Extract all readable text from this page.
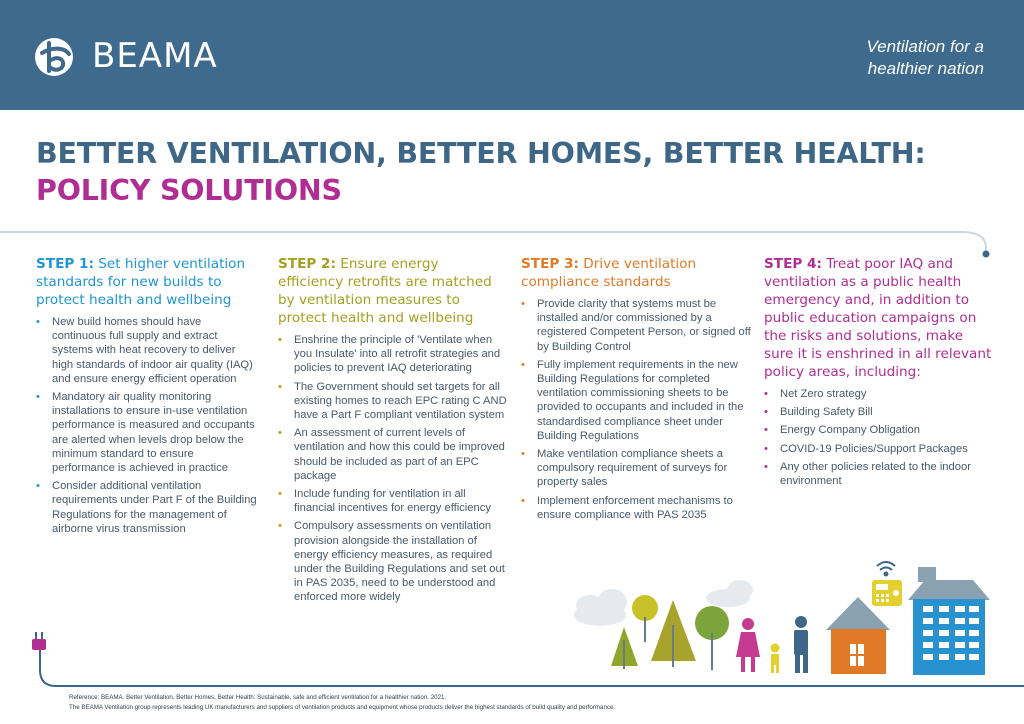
BEAMA	Ventilation for a
healthier nation
BETTER VENTILATION, BETTER HOMES, BETTER HEALTH:
POLICY SOLUTIONS
STEP 1: Set higher ventilation standards for new builds to protect health and wellbeing
• New build homes should have continuous full supply and extract systems with heat recovery to deliver high standards of indoor air quality (IAQ) and ensure energy efficient operation
• Mandatory air quality monitoring installations to ensure in-use ventilation performance is measured and occupants are alerted when levels drop below the minimum standard to ensure performance is achieved in practice
• Consider additional ventilation requirements under Part F of the Building Regulations for the management of airborne virus transmission
STEP 2: Ensure energy efficiency retrofits are matched by ventilation measures to protect health and wellbeing
• Enshrine the principle of 'Ventilate when you Insulate' into all retrofit strategies and policies to prevent IAQ deteriorating
• The Government should set targets for all existing homes to reach EPC rating C AND have a Part F compliant ventilation system
• An assessment of current levels of ventilation and how this could be improved should be included as part of an EPC package
• Include funding for ventilation in all financial incentives for energy efficiency
• Compulsory assessments on ventilation provision alongside the installation of energy efficiency measures, as required under the Building Regulations and set out in PAS 2035, need to be understood and enforced more widely
STEP 3: Drive ventilation compliance standards
• Provide clarity that systems must be installed and/or commissioned by a registered Competent Person, or signed off by Building Control
• Fully implement requirements in the new Building Regulations for completed ventilation commissioning sheets to be provided to occupants and included in the standardised compliance sheet under Building Regulations
• Make ventilation compliance sheets a compulsory requirement of surveys for property sales
• Implement enforcement mechanisms to ensure compliance with PAS 2035
STEP 4: Treat poor IAQ and ventilation as a public health emergency and, in addition to public education campaigns on the risks and solutions, make sure it is enshrined in all relevant policy areas, including:
• Net Zero strategy
• Building Safety Bill
• Energy Company Obligation
• COVID-19 Policies/Support Packages
• Any other policies related to the indoor environment
Reference: BEAMA. Better Ventilation, Better Homes, Better Health: Sustainable, safe and efficient ventilation for a healthier nation. 2021.
The BEAMA Ventilation group represents leading UK manufacturers and suppliers of ventilation products and equipment whose products deliver the highest standards of build quality and performance.
